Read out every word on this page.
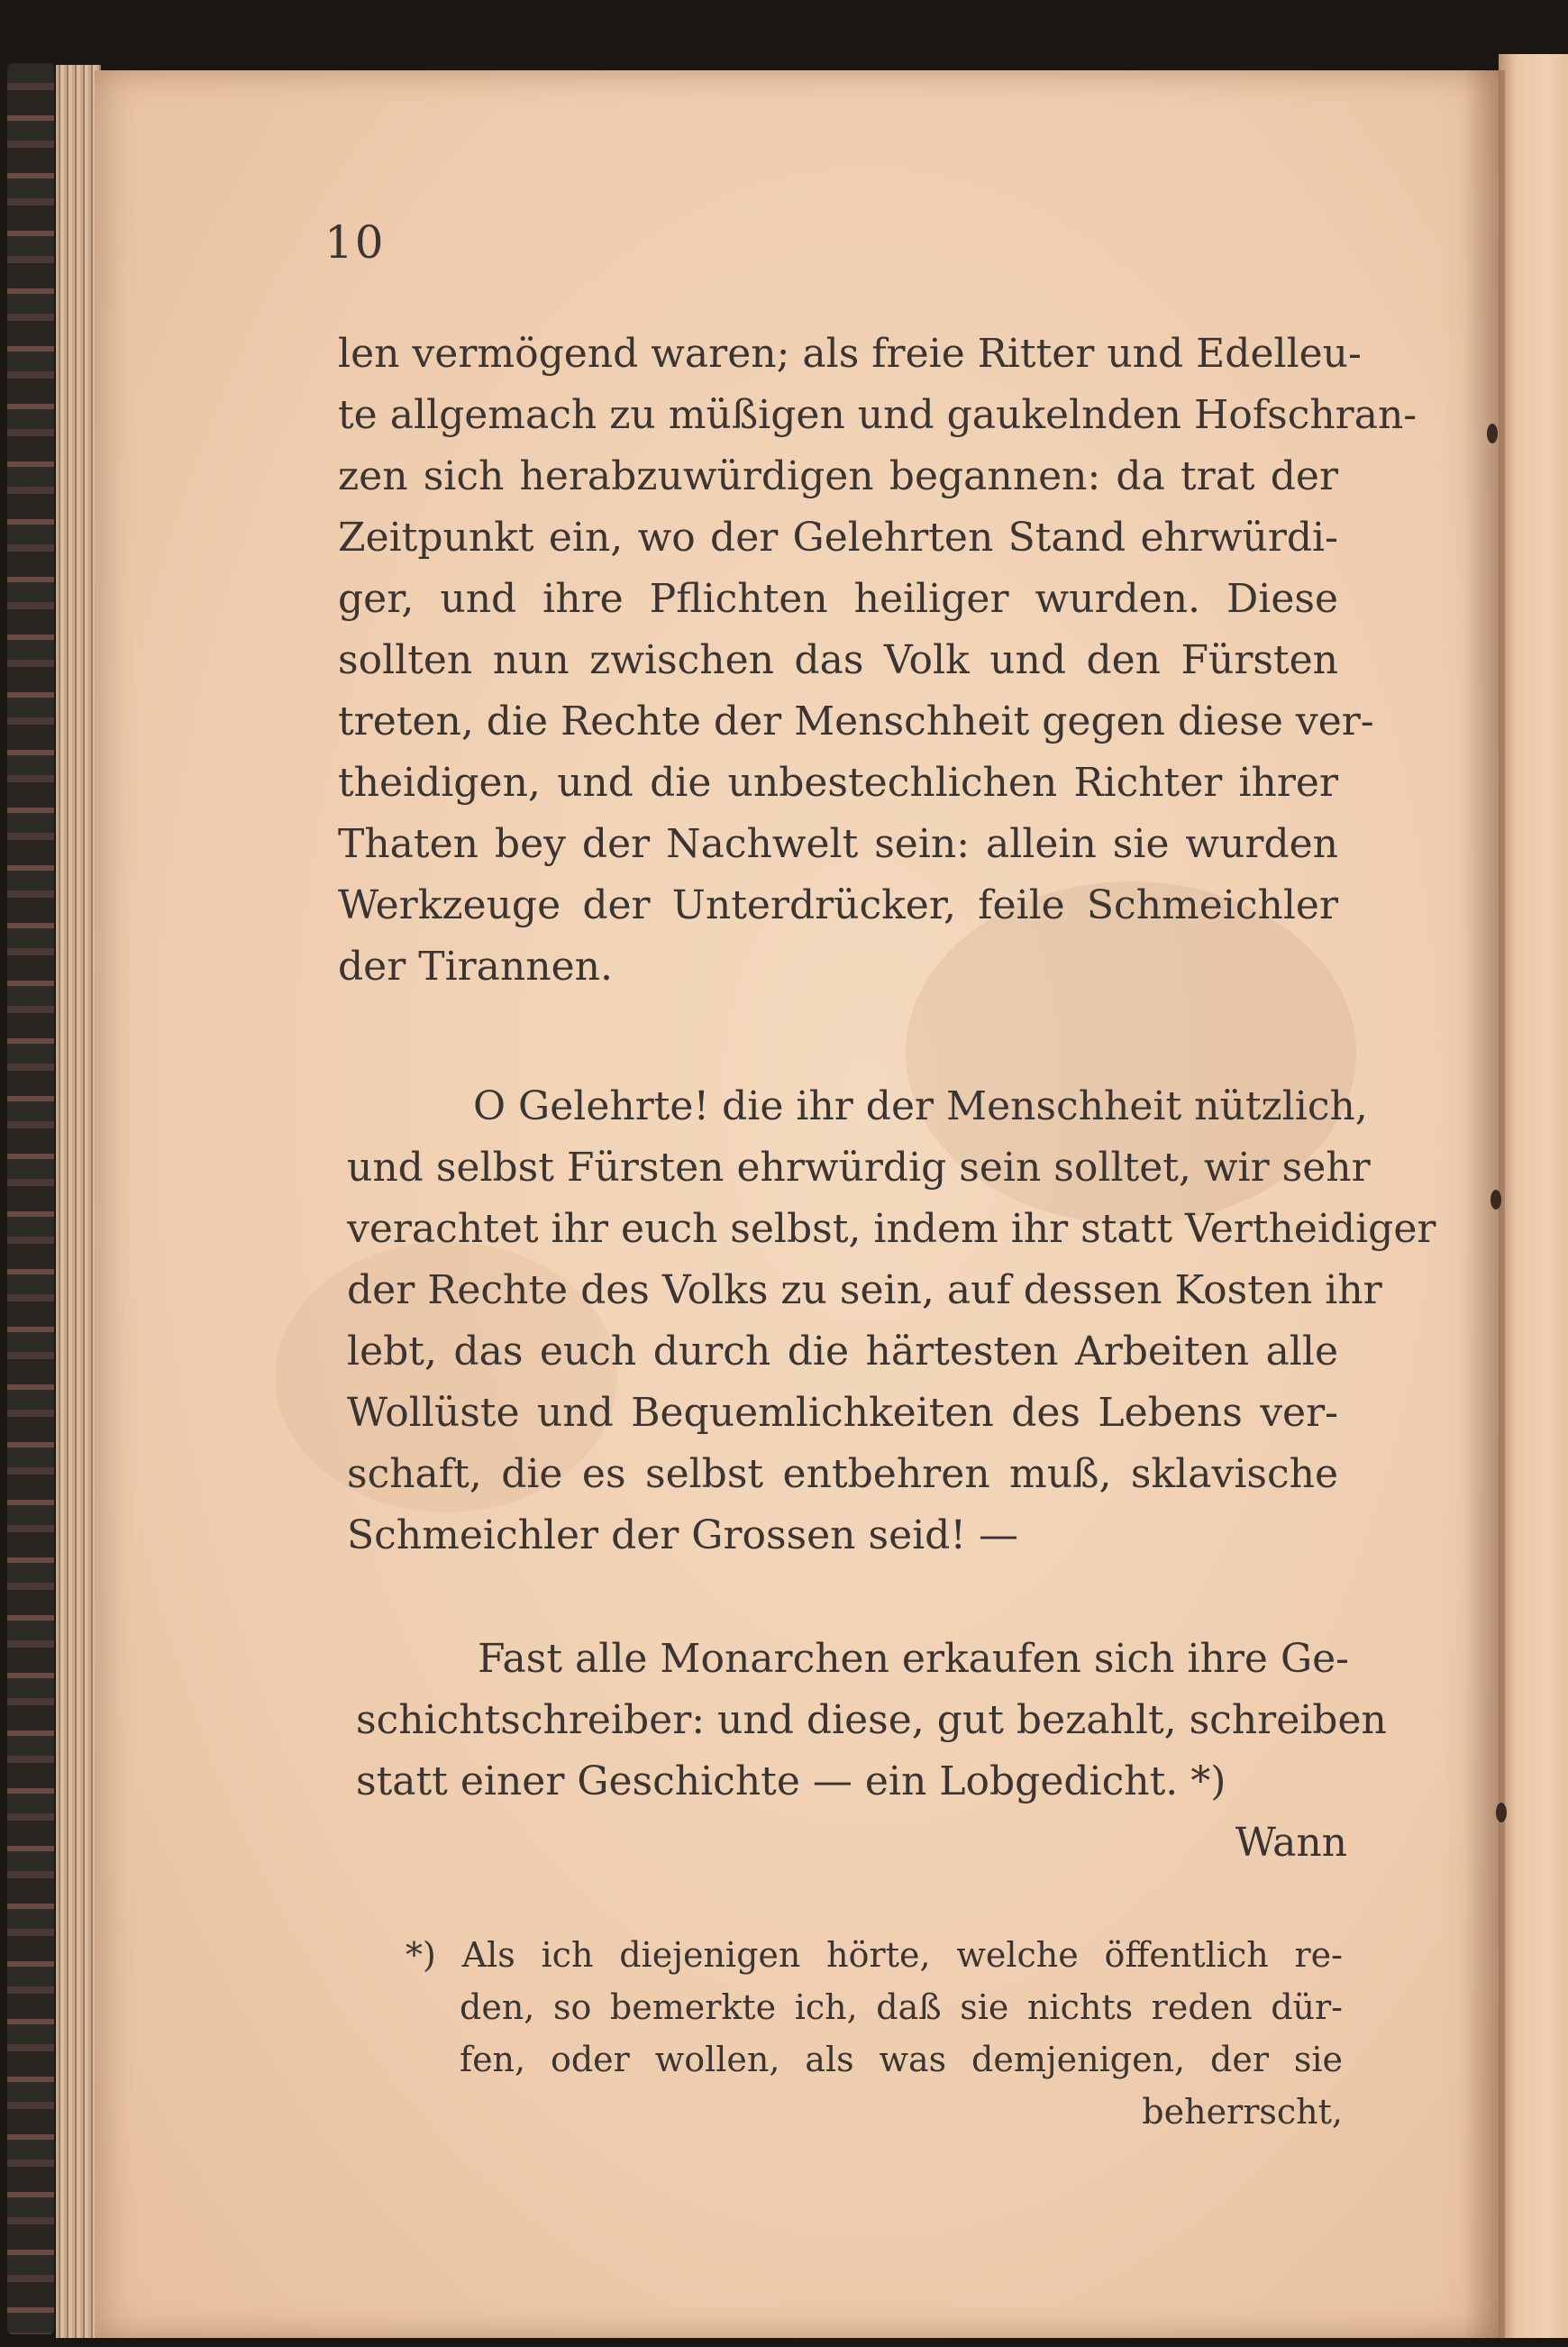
10
len vermögend waren; als freie Ritter und Edelleu-
te allgemach zu müßigen und gaukelnden Hofschran-
zen sich herabzuwürdigen begannen: da trat der
Zeitpunkt ein, wo der Gelehrten Stand ehrwürdi-
ger, und ihre Pflichten heiliger wurden. Diese
sollten nun zwischen das Volk und den Fürsten
treten, die Rechte der Menschheit gegen diese ver-
theidigen, und die unbestechlichen Richter ihrer
Thaten bey der Nachwelt sein: allein sie wurden
Werkzeuge der Unterdrücker, feile Schmeichler
der Tirannen.
O Gelehrte! die ihr der Menschheit nützlich,
und selbst Fürsten ehrwürdig sein solltet, wir sehr
verachtet ihr euch selbst, indem ihr statt Vertheidiger
der Rechte des Volks zu sein, auf dessen Kosten ihr
lebt, das euch durch die härtesten Arbeiten alle
Wollüste und Bequemlichkeiten des Lebens ver-
schaft, die es selbst entbehren muß, sklavische
Schmeichler der Grossen seid! —
Fast alle Monarchen erkaufen sich ihre Ge-
schichtschreiber: und diese, gut bezahlt, schreiben
statt einer Geschichte — ein Lobgedicht. *)
Wann
*) Als ich diejenigen hörte, welche öffentlich re-
den, so bemerkte ich, daß sie nichts reden dür-
fen, oder wollen, als was demjenigen, der sie
beherrscht,
